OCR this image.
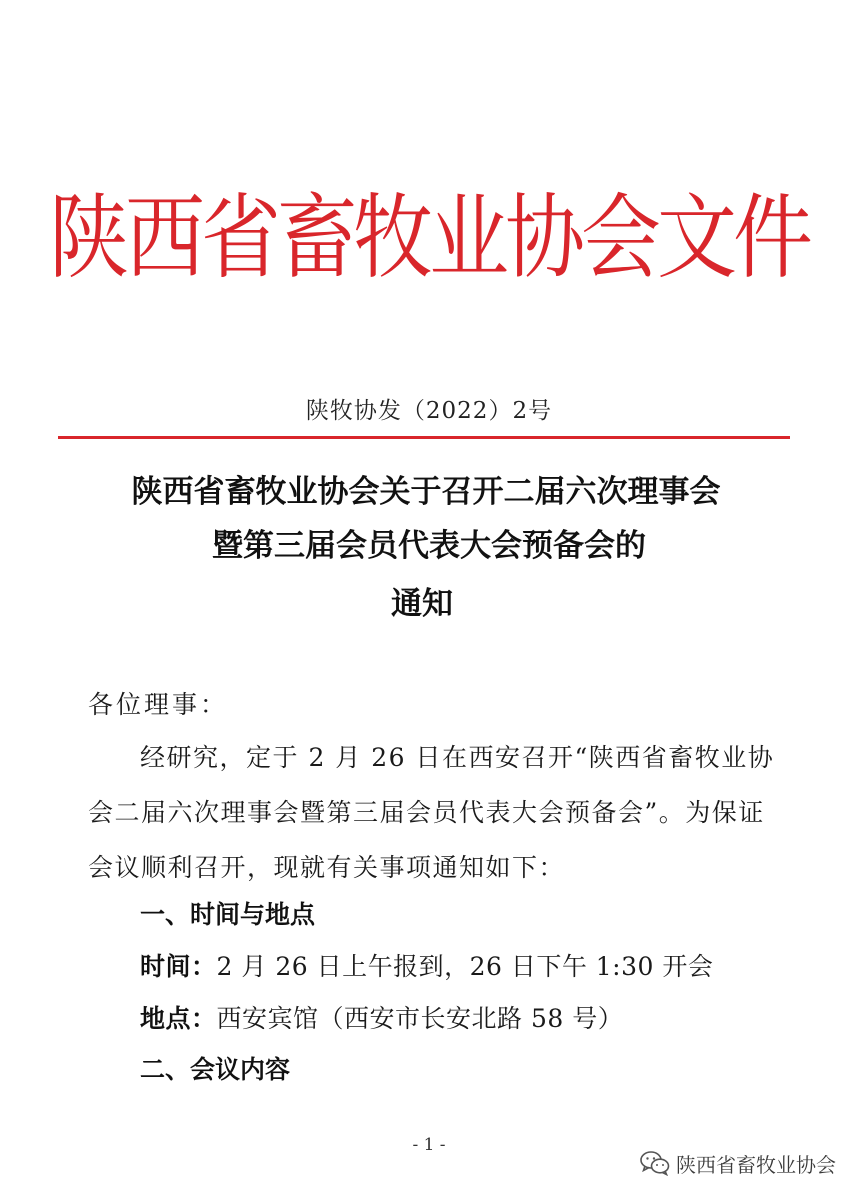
陕西省畜牧业协会文件
陕牧协发（2022）2号
陕西省畜牧业协会关于召开二届六次理事会
暨第三届会员代表大会预备会的
通知
各位理事：
经研究，定于 2 月 26 日在西安召开“陕西省畜牧业协
会二届六次理事会暨第三届会员代表大会预备会”。为保证
会议顺利召开，现就有关事项通知如下：
一、时间与地点
时间：2 月 26 日上午报到，26 日下午 1:30 开会
地点：西安宾馆（西安市长安北路 58 号）
二、会议内容
- 1 -
陕西省畜牧业协会
